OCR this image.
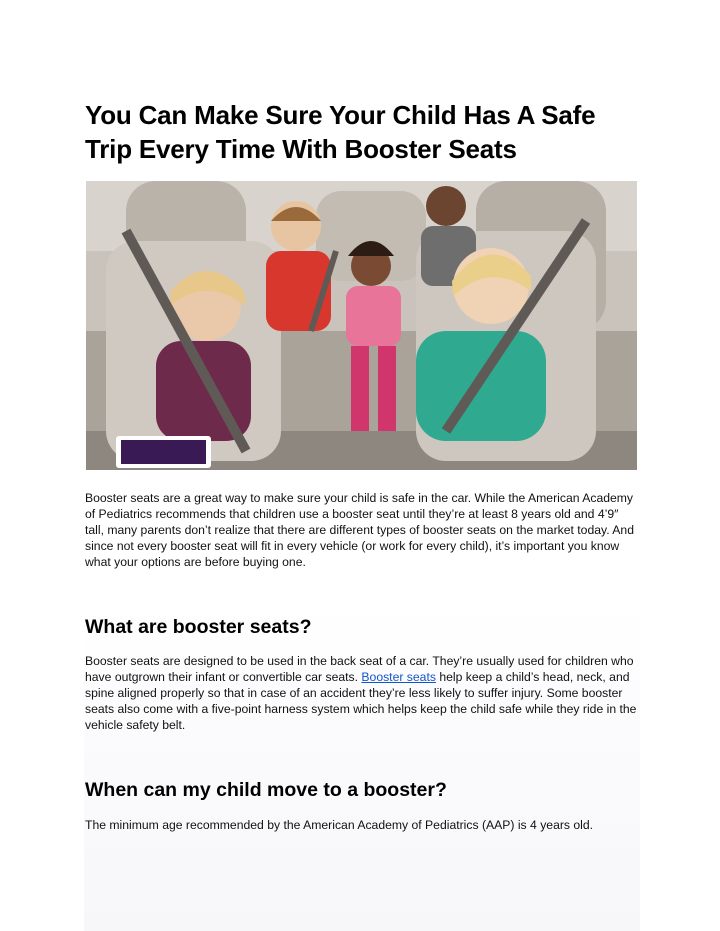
You Can Make Sure Your Child Has A Safe Trip Every Time With Booster Seats

Booster seats are a great way to make sure your child is safe in the car. While the American Academy of Pediatrics recommends that children use a booster seat until they’re at least 8 years old and 4’9″ tall, many parents don’t realize that there are different types of booster seats on the market today. And since not every booster seat will fit in every vehicle (or work for every child), it’s important you know what your options are before buying one.

What are booster seats?

Booster seats are designed to be used in the back seat of a car. They’re usually used for children who have outgrown their infant or convertible car seats. Booster seats help keep a child’s head, neck, and spine aligned properly so that in case of an accident they’re less likely to suffer injury. Some booster seats also come with a five-point harness system which helps keep the child safe while they ride in the vehicle safety belt.

When can my child move to a booster?

The minimum age recommended by the American Academy of Pediatrics (AAP) is 4 years old.
